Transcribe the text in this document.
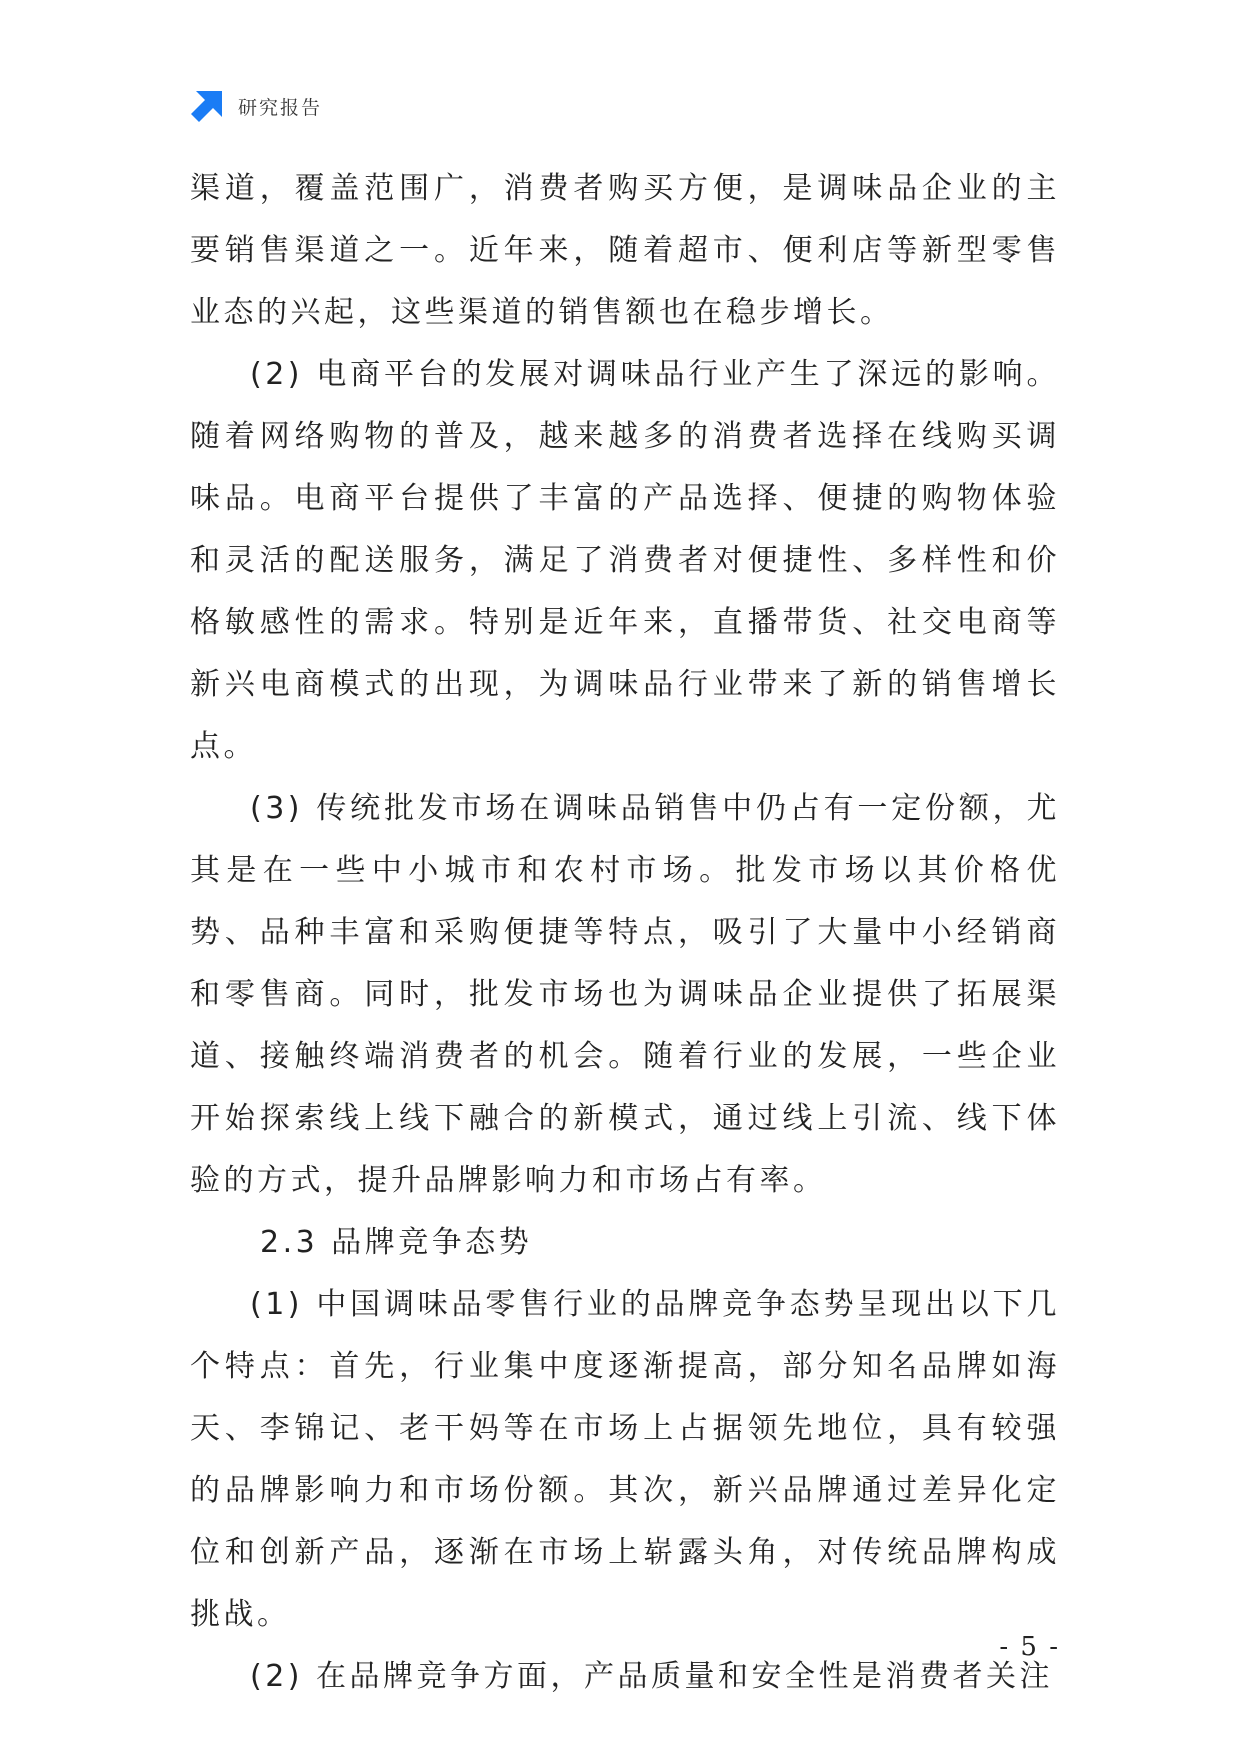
研究报告

渠道，覆盖范围广，消费者购买方便，是调味品企业的主要销售渠道之一。近年来，随着超市、便利店等新型零售业态的兴起，这些渠道的销售额也在稳步增长。

(2) 电商平台的发展对调味品行业产生了深远的影响。随着网络购物的普及，越来越多的消费者选择在线购买调味品。电商平台提供了丰富的产品选择、便捷的购物体验和灵活的配送服务，满足了消费者对便捷性、多样性和价格敏感性的需求。特别是近年来，直播带货、社交电商等新兴电商模式的出现，为调味品行业带来了新的销售增长点。

(3) 传统批发市场在调味品销售中仍占有一定份额，尤其是在一些中小城市和农村市场。批发市场以其价格优势、品种丰富和采购便捷等特点，吸引了大量中小经销商和零售商。同时，批发市场也为调味品企业提供了拓展渠道、接触终端消费者的机会。随着行业的发展，一些企业开始探索线上线下融合的新模式，通过线上引流、线下体验的方式，提升品牌影响力和市场占有率。

2.3 品牌竞争态势

(1) 中国调味品零售行业的品牌竞争态势呈现出以下几个特点：首先，行业集中度逐渐提高，部分知名品牌如海天、李锦记、老干妈等在市场上占据领先地位，具有较强的品牌影响力和市场份额。其次，新兴品牌通过差异化定位和创新产品，逐渐在市场上崭露头角，对传统品牌构成挑战。

(2) 在品牌竞争方面，产品质量和安全性是消费者关注

- 5 -
